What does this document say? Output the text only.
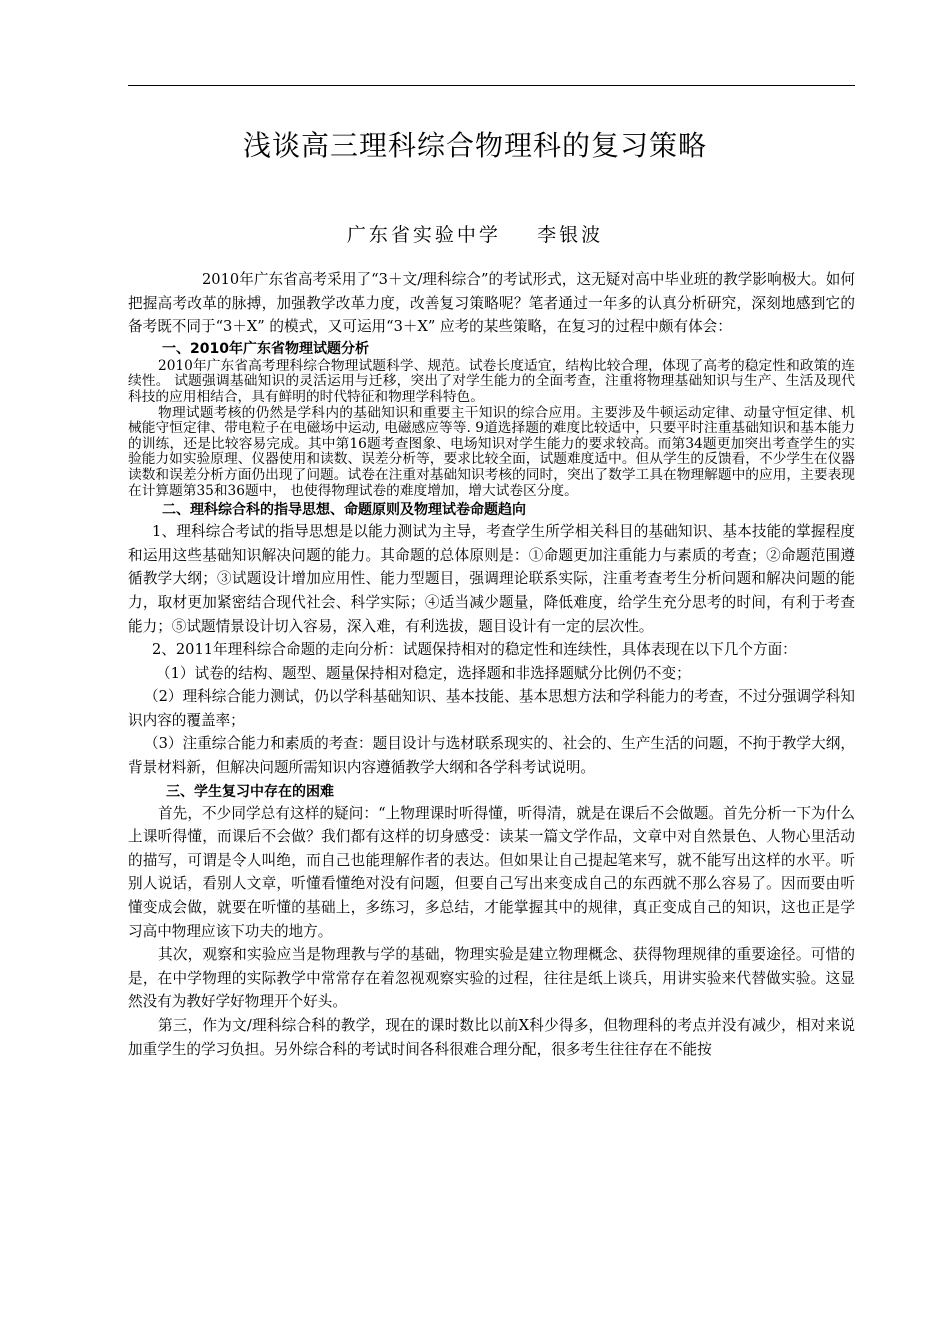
浅谈高三理科综合物理科的复习策略
广东省实验中学    李银波

2010年广东省高考采用了“3＋文/理科综合”的考试形式，这无疑对高中毕业班的教学影响极大。如何把握高考改革的脉搏，加强教学改革力度，改善复习策略呢？笔者通过一年多的认真分析研究，深刻地感到它的备考既不同于“3＋X” 的模式，又可运用“3＋X” 应考的某些策略，在复习的过程中颇有体会：

一、2010年广东省物理试题分析

2010年广东省高考理科综合物理试题科学、规范。试卷长度适宜，结构比较合理，体现了高考的稳定性和政策的连续性。 试题强调基础知识的灵活运用与迁移，突出了对学生能力的全面考查，注重将物理基础知识与生产、生活及现代科技的应用相结合，具有鲜明的时代特征和物理学科特色。

物理试题考核的仍然是学科内的基础知识和重要主干知识的综合应用。主要涉及牛顿运动定律、动量守恒定律、机械能守恒定律、带电粒子在电磁场中运动, 电磁感应等等. 9道选择题的难度比较适中，只要平时注重基础知识和基本能力的训练，还是比较容易完成。其中第16题考查图象、电场知识对学生能力的要求较高。而第34题更加突出考查学生的实验能力如实验原理、仪器使用和读数、误差分析等，要求比较全面，试题难度适中。但从学生的反馈看，不少学生在仪器读数和误差分析方面仍出现了问题。试卷在注重对基础知识考核的同时，突出了数学工具在物理解题中的应用，主要表现在计算题第35和36题中， 也使得物理试卷的难度增加，增大试卷区分度。

二、理科综合科的指导思想、命题原则及物理试卷命题趋向

1、理科综合考试的指导思想是以能力测试为主导，考查学生所学相关科目的基础知识、基本技能的掌握程度和运用这些基础知识解决问题的能力。其命题的总体原则是：①命题更加注重能力与素质的考查；②命题范围遵循教学大纲；③试题设计增加应用性、能力型题目，强调理论联系实际，注重考查考生分析问题和解决问题的能力，取材更加紧密结合现代社会、科学实际；④适当减少题量，降低难度，给学生充分思考的时间，有利于考查能力；⑤试题情景设计切入容易，深入难，有利选拔，题目设计有一定的层次性。

2、2011年理科综合命题的走向分析：试题保持相对的稳定性和连续性，具体表现在以下几个方面：

（1）试卷的结构、题型、题量保持相对稳定，选择题和非选择题赋分比例仍不变；

（2）理科综合能力测试，仍以学科基础知识、基本技能、基本思想方法和学科能力的考查，不过分强调学科知识内容的覆盖率；

（3）注重综合能力和素质的考查：题目设计与选材联系现实的、社会的、生产生活的问题，不拘于教学大纲，背景材料新，但解决问题所需知识内容遵循教学大纲和各学科考试说明。

三、学生复习中存在的困难

首先，不少同学总有这样的疑问：“上物理课时听得懂，听得清，就是在课后不会做题。首先分析一下为什么上课听得懂，而课后不会做？我们都有这样的切身感受：读某一篇文学作品，文章中对自然景色、人物心里活动的描写，可谓是令人叫绝，而自己也能理解作者的表达。但如果让自己提起笔来写，就不能写出这样的水平。听别人说话，看别人文章，听懂看懂绝对没有问题，但要自己写出来变成自己的东西就不那么容易了。因而要由听懂变成会做，就要在听懂的基础上，多练习，多总结，才能掌握其中的规律，真正变成自己的知识，这也正是学习高中物理应该下功夫的地方。

其次，观察和实验应当是物理教与学的基础，物理实验是建立物理概念、获得物理规律的重要途径。可惜的是，在中学物理的实际教学中常常存在着忽视观察实验的过程，往往是纸上谈兵，用讲实验来代替做实验。这显然没有为教好学好物理开个好头。

第三，作为文/理科综合科的教学，现在的课时数比以前X科少得多，但物理科的考点并没有减少，相对来说加重学生的学习负担。另外综合科的考试时间各科很难合理分配，很多考生往往存在不能按
